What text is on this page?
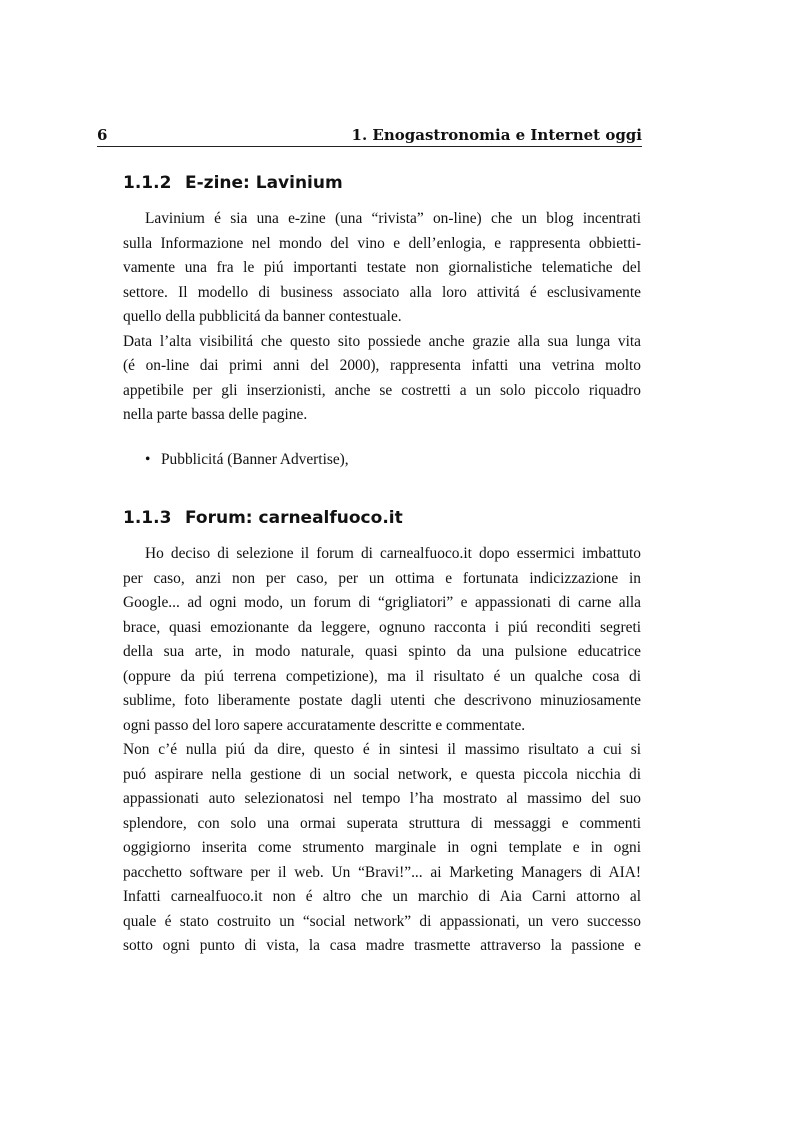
6	1. Enogastronomia e Internet oggi
1.1.2 E-zine: Lavinium
Lavinium é sia una e-zine (una “rivista” on-line) che un blog incentrati
sulla Informazione nel mondo del vino e dell’enlogia, e rappresenta obbietti-
vamente una fra le piú importanti testate non giornalistiche telematiche del
settore. Il modello di business associato alla loro attivitá é esclusivamente
quello della pubblicitá da banner contestuale.
Data l’alta visibilitá che questo sito possiede anche grazie alla sua lunga vita
(é on-line dai primi anni del 2000), rappresenta infatti una vetrina molto
appetibile per gli inserzionisti, anche se costretti a un solo piccolo riquadro
nella parte bassa delle pagine.
• Pubblicitá (Banner Advertise),
1.1.3 Forum: carnealfuoco.it
Ho deciso di selezione il forum di carnealfuoco.it dopo essermici imbattuto
per caso, anzi non per caso, per un ottima e fortunata indicizzazione in
Google... ad ogni modo, un forum di “grigliatori” e appassionati di carne alla
brace, quasi emozionante da leggere, ognuno racconta i piú reconditi segreti
della sua arte, in modo naturale, quasi spinto da una pulsione educatrice
(oppure da piú terrena competizione), ma il risultato é un qualche cosa di
sublime, foto liberamente postate dagli utenti che descrivono minuziosamente
ogni passo del loro sapere accuratamente descritte e commentate.
Non c’é nulla piú da dire, questo é in sintesi il massimo risultato a cui si
puó aspirare nella gestione di un social network, e questa piccola nicchia di
appassionati auto selezionatosi nel tempo l’ha mostrato al massimo del suo
splendore, con solo una ormai superata struttura di messaggi e commenti
oggigiorno inserita come strumento marginale in ogni template e in ogni
pacchetto software per il web. Un “Bravi!”... ai Marketing Managers di AIA!
Infatti carnealfuoco.it non é altro che un marchio di Aia Carni attorno al
quale é stato costruito un “social network” di appassionati, un vero successo
sotto ogni punto di vista, la casa madre trasmette attraverso la passione e
